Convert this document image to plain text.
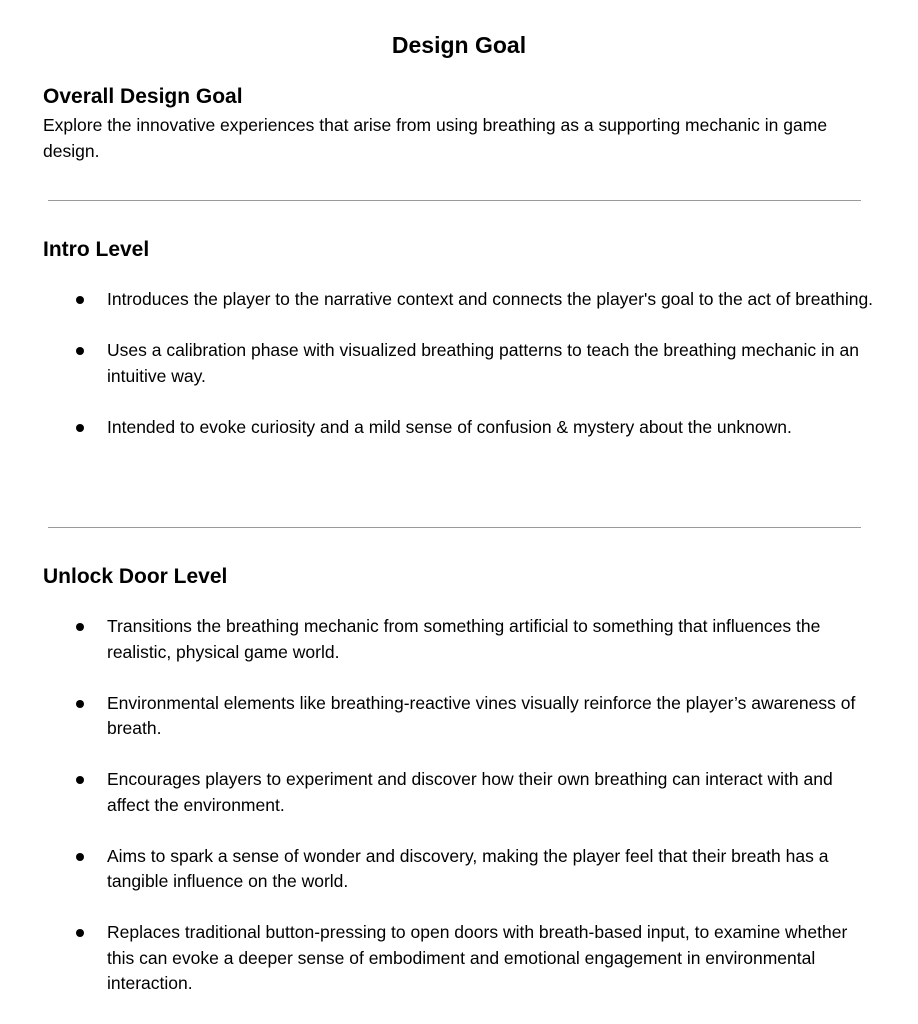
Design Goal
Overall Design Goal

Explore the innovative experiences that arise from using breathing as a supporting mechanic in game design.

Intro Level
Introduces the player to the narrative context and connects the player's goal to the act of breathing.
Uses a calibration phase with visualized breathing patterns to teach the breathing mechanic in an intuitive way.
Intended to evoke curiosity and a mild sense of confusion & mystery about the unknown.
Unlock Door Level
Transitions the breathing mechanic from something artificial to something that influences the realistic, physical game world.
Environmental elements like breathing-reactive vines visually reinforce the player’s awareness of breath.
Encourages players to experiment and discover how their own breathing can interact with and affect the environment.
Aims to spark a sense of wonder and discovery, making the player feel that their breath has a tangible influence on the world.
Replaces traditional button-pressing to open doors with breath-based input, to examine whether this can evoke a deeper sense of embodiment and emotional engagement in environmental interaction.
